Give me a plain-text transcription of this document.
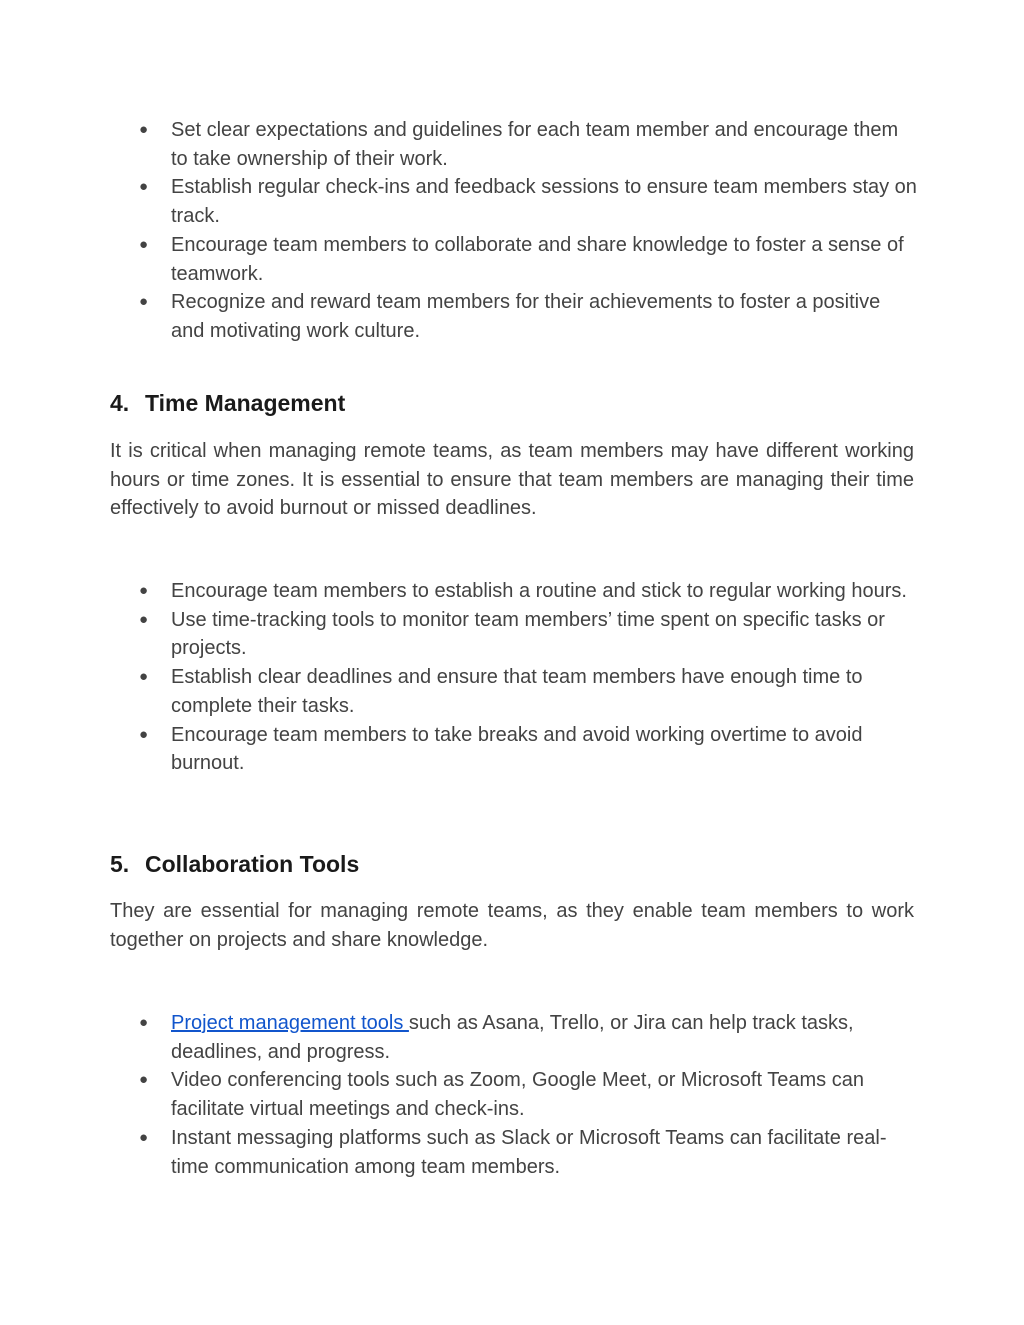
●	Set clear expectations and guidelines for each team member and encourage them to take ownership of their work.
●	Establish regular check-ins and feedback sessions to ensure team members stay on track.
●	Encourage team members to collaborate and share knowledge to foster a sense of teamwork.
●	Recognize and reward team members for their achievements to foster a positive and motivating work culture.
4. Time Management

It is critical when managing remote teams, as team members may have different working hours or time zones. It is essential to ensure that team members are managing their time effectively to avoid burnout or missed deadlines.

●	Encourage team members to establish a routine and stick to regular working hours.
●	Use time-tracking tools to monitor team members’ time spent on specific tasks or projects.
●	Establish clear deadlines and ensure that team members have enough time to complete their tasks.
●	Encourage team members to take breaks and avoid working overtime to avoid burnout.
5. Collaboration Tools

They are essential for managing remote teams, as they enable team members to work together on projects and share knowledge.

●	Project management tools such as Asana, Trello, or Jira can help track tasks, deadlines, and progress.
●	Video conferencing tools such as Zoom, Google Meet, or Microsoft Teams can facilitate virtual meetings and check-ins.
●	Instant messaging platforms such as Slack or Microsoft Teams can facilitate real-time communication among team members.
